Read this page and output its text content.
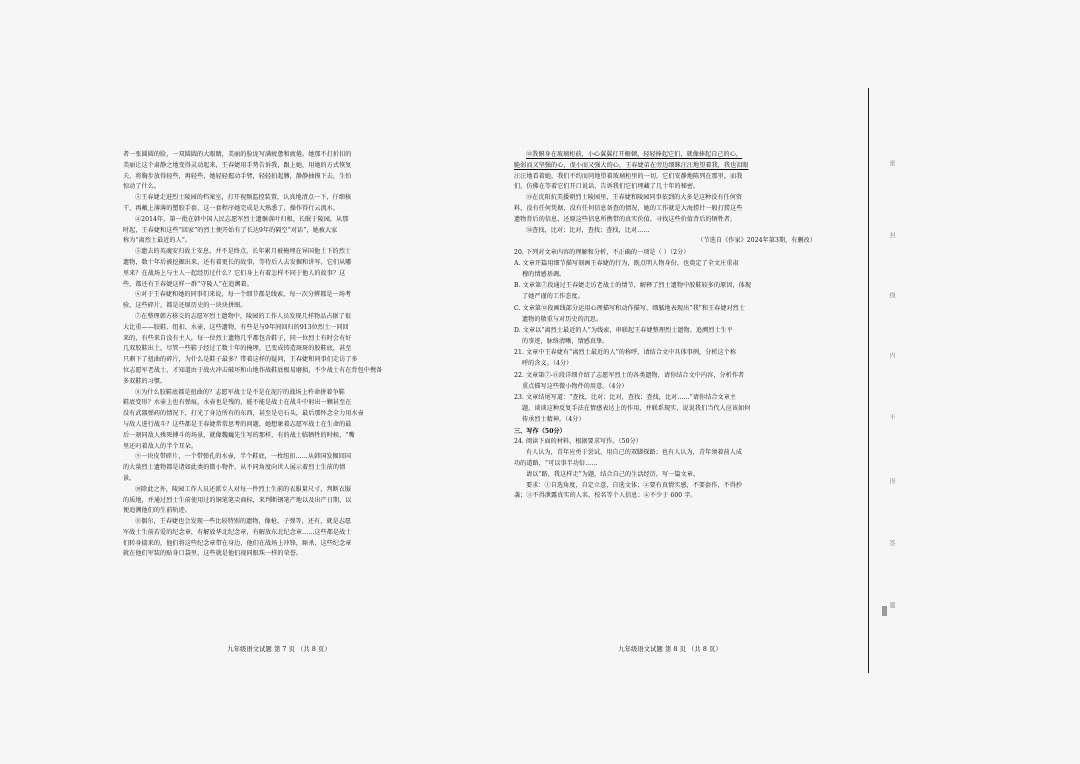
者一张圆圆的脸，一双圆圆的大眼睛，美丽的脸庞写满疲惫和疲倦。她那不打折扣的

美丽让这个肃静之地变得灵动起来，王春婕用手势告诉我，跟上她，用她的方式恢复

夫，将胸步放得轻些，再轻些，她轻轻握动手臂，轻轻拍起膊，静静抽摸下去，生怕

惊动了什么。

⑤王春婕走进烈士陵园的档案室，打开视频监控装置，认真地清点一下，仔细核

干，再戴上薄薄的塑胶手套，这一套程序她完成是大熟悉了，操作得行云流水。

④2014年，第一批在韩中国人民志愿军烈士遗骸落叶归根，长眠于陵园，从那

时起，王春婕和这些“回家”的烈士便开始有了长达9年的隔空“对话”，她被大家

称为“离烈士最近的人”。

⑤遗去的英魂安归故土安息，并不是终点，长年累月被掩埋在异国他土下的烈士

遗物，数十年后被挖掘出来，还有着更长的故事，等待后人去发掘和讲写。它们从哪

里来？在战场上与主人一起经历过什么？它们身上有着怎样不同于他人的故事？这

些，都还有王春婕这样一群“守陵人”在追溯着。

⑥对于王春婕和她的同事们来说，每一个细节都是线索，每一次分辨都是一场考

验，这些碎片，都是还原历史的一块块拼图。

⑦在整理韩方移交的志愿军烈士遗物中，陵园的工作人员发现几样物品占据了很

大比重——胶鞋、纽扣、水壶，这些遗物，有些是与9年间回归的913位烈士一同回

来的，有些来自没有主人，每一位烈士遗物几乎都包含鞋子，同一位烈士有时会有好

几双胶鞋出土，尽管一些鞋子经过了数十年的掩埋，已变成铸造斑斑的胶鞋底，甚至

只剩下了扭曲的碎片，为什么是鞋子最多？带着这样的疑问，王春婕和同事们走访了多

位志愿军老战士，才知道由于战火冲击破坏和山地作战鞋底极易磨损，不少战士有在背包中携备

多双鞋的习惯。

⑧为什么胶鞋底都是扭曲的？志愿军战士是不是在泥泞的战场上杵命拼着争鞋

鞋底变形？水壶上也有弹痕，水壶也是残的，能不能是战士在战斗中射出一颗甚至在

没有武器弹药的情况下，打光了身边所有的东西，甚至是皂石头，最后那怀念全力用水壶

与敌人进行战斗？这些都是王春婕常常思考的问题，她想象着志愿军战士在生命的最

后一刻同敌人殊死搏斗的场景，就像魏巍先生写的那样，有的战士临牺牲的时候，“嘴

里还叼着敌人的半个耳朵。

⑨一块皮带碎片，一个带弹孔的水壶，半个鞋底，一枚纽扣……从韩国发掘回国

的大量烈士遗物都是诸如此类的微小物件，从不同角度向世人展示着烈士生前的情

景。

⑩除此之外，陵园工作人员还派专人对每一件烈士生前的衣服量尺寸，判断衣服

的质地，并通过烈士生前使用过的铜笔笔尖商标，来判断钢笔产地以及出产日期，以

便追溯他们的生前轨迹。

⑪偶尔，王春婕也会发现一些比较特别的遗物，像枪、子弹等，还有，就是志愿

军战士生前若爱的纪念章，有解放华北纪念章，有解放东北纪念章……这些都是战士

们转身揣来的，他们将这些纪念章带在身边，他们在战场上冲锋，厮杀，这些纪念章

就在他们军装的贴身口袋里，这些就是他们视同眼珠一样的荣誉。

九年级语文试题 第 7 页 （共 8 页）

⑫我俯身在玻璃柜前，小心翼翼打开橱顿，轻轻捧起它们，就像捧起自己的心，

脆弱而又坚强的心，虔小而又强大的心，王春婕弟在旁边细眯汪汪地望着我，我也泪眼

汪汪地看着她，我们不约而同地望着玻璃柜里的一切，它们安静地陈列在那里，而我

们，仿佛在等着它们开口说话，告诉我们它们埋藏了几十年的秘密。

⑬在沈阳抗美援朝烈士陵园里，王春婕和陵园同事依到的大多是这种没有任何资

料，没有任何凭据，没有任何信息备查的情况，她的工作就是大海捞针一般打捞这些

遗物背后的信息，还原这些信息所携带的真实价值，寻找这些价值背后的牺牲者。

⑭查找，比对；比对，查找；查找，比对……

（节选自《作家》2024年第3期，有删改）

20. 下列对文章内容的理解和分析，不正确的一项是（ ）（2分）

A. 文章开篇用细节描写刻画王春婕的行为，既点明人物身份，也奠定了全文庄重肃

穆的情感基调。

B. 文章第⑦段通过王春婕走访老战士的情节，解释了烈士遗物中胶鞋较多的原因，体现

了她严谨的工作态度。

C. 文章第⑫段画线部分运用心理描写和动作描写，细腻地表现出“我”和王春婕对烈士

遗物的敬重与对历史的沉思。

D. 文章以“离烈士最近的人”为线索，串联起王春婕整理烈士遗物、追溯烈士生平

的事迹，脉络清晰，情感真挚。

21. 文章中王春婕有“离烈士最近的人”的称呼，请结合文中具体事例，分析这个称

呼的含义。（4分）

22. 文章第⑦-⑪段详细介绍了志愿军烈士的各类遗物，请你结合文中内容，分析作者

重点描写这些微小物件的用意。（4分）

23. 文章结尾写道：“查找，比对；比对，查找；查找，比对……”请你结合文章主

题，谈谈这种反复手法在情感表达上的作用，并联系现实，说说我们当代人应该如何

传承烈士精神。（4分）

三、写作（50分）

24. 阅读下面的材料，根据要求写作。（50分）

有人认为，青年应勇于尝试，用自己的双脚探路；也有人认为，青年须着前人成

功的道路，“可以事半功倍……

请以“路，我这样走”为题，结合自己的生活经历，写一篇文章。

要求：①自选角度，自定立意，自选文体；②要有真情实感，不要套作，不得抄

袭；③不得泄露真实的人名，校名等个人信息；④不少于 600 字。

九年级语文试题 第 8 页 （共 8 页）
密
封
线
内
不
得
答
题
